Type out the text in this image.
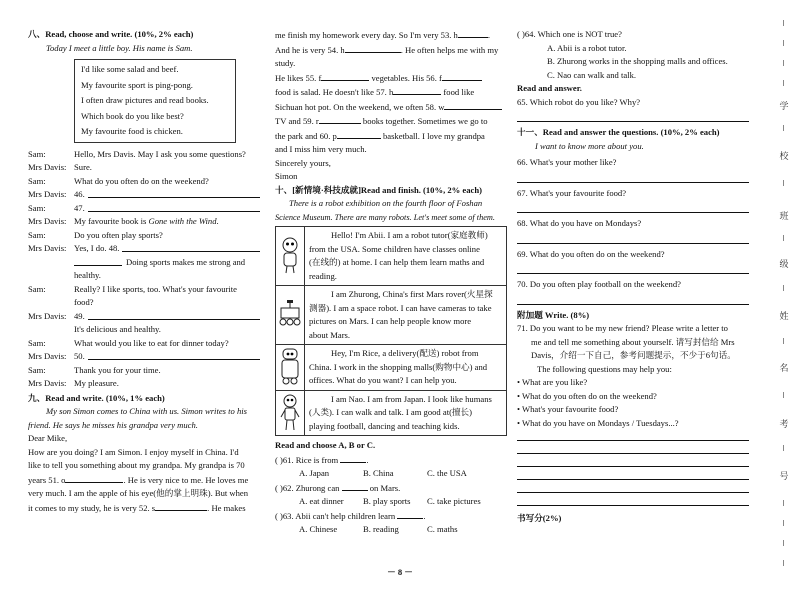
八、Read, choose and write. (10%, 2% each)
Today I meet a little boy. His name is Sam.
I'd like some salad and beef.
My favourite sport is ping-pong.
I often draw pictures and read books.
Which book do you like best?
My favourite food is chicken.
Sam:	Hello, Mrs Davis. May I ask you some questions?
Mrs Davis: Sure.
Sam:	What do you often do on the weekend?
Mrs Davis: 46.
Sam:	47.
Mrs Davis: My favourite book is Gone with the Wind.
Sam:	Do you often play sports?
Mrs Davis: Yes, I do. 48.
Doing sports makes me strong and
healthy.
Sam:	Really? I like sports, too. What's your favourite
food?
Mrs Davis: 49.
It's delicious and healthy.
Sam:	What would you like to eat for dinner today?
Mrs Davis: 50.
Sam:	Thank you for your time.
Mrs Davis: My pleasure.
九、Read and write. (10%, 1% each)
My son Simon comes to China with us. Simon writes to his
friend. He says he misses his grandpa very much.
Dear Mike,
How are you doing? I am Simon. I enjoy myself in China. I'd
like to tell you something about my grandpa. My grandpa is 70
years 51. o	. He is very nice to me. He loves me
very much. I am the apple of his eye(他的掌上明珠). But when
it comes to my study, he is very 52. s	. He makes
me finish my homework every day. So I'm very 53. h	.
And he is very 54. h	. He often helps me with my
study.
He likes 55. f	vegetables. His 56. f
food is salad. He doesn't like 57. h	food like
Sichuan hot pot. On the weekend, we often 58. w
TV and 59. r	books together. Sometimes we go to
the park and 60. p	basketball. I love my grandpa
and I miss him very much.
Sincerely yours,
Simon
十、[新情境·科技成就]Read and finish. (10%, 2% each)
There is a robot exhibition on the fourth floor of Foshan
Science Museum. There are many robots. Let's meet some of them.
Hello! I'm Abii. I am a robot tutor(家庭教师)
from the USA. Some children have classes online
(在线的) at home. I can help them learn maths and
reading.
I am Zhurong, China's first Mars rover(火星探
测器). I am a space robot. I can have cameras to take
pictures on Mars. I can help people know more
about Mars.
Hey, I'm Rice, a delivery(配送) robot from
China. I work in the shopping malls(购物中心) and
offices. What do you want? I can help you.
I am Nao. I am from Japan. I look like humans
(人类). I can walk and talk. I am good at(擅长)
playing football, dancing and teaching kids.
Read and choose A, B or C.
( )61. Rice is from	.
A. Japan	B. China	C. the USA
( )62. Zhurong can	on Mars.
A. eat dinner	B. play sports	C. take pictures
( )63. Abii can't help children learn	.
A. Chinese	B. reading	C. maths
( )64. Which one is NOT true?
A. Abii is a robot tutor.
B. Zhurong works in the shopping malls and offices.
C. Nao can walk and talk.
Read and answer.
65. Which robot do you like? Why?
十一、Read and answer the questions. (10%, 2% each)
I want to know more about you.
66. What's your mother like?
67. What's your favourite food?
68. What do you have on Mondays?
69. What do you often do on the weekend?
70. Do you often play football on the weekend?
附加题 Write. (8%)
71. Do you want to be my new friend? Please write a letter to
me and tell me something about yourself. 请写封信给 Mrs
Davis，介绍一下自己，参考问题提示，不少于6句话。
The following questions may help you:
• What are you like?
• What do you often do on the weekend?
• What's your favourite food?
• What do you have on Mondays / Tuesdays...?
书写分(2%)
学
校
班
级
姓
名
考
号
－ 8 －
